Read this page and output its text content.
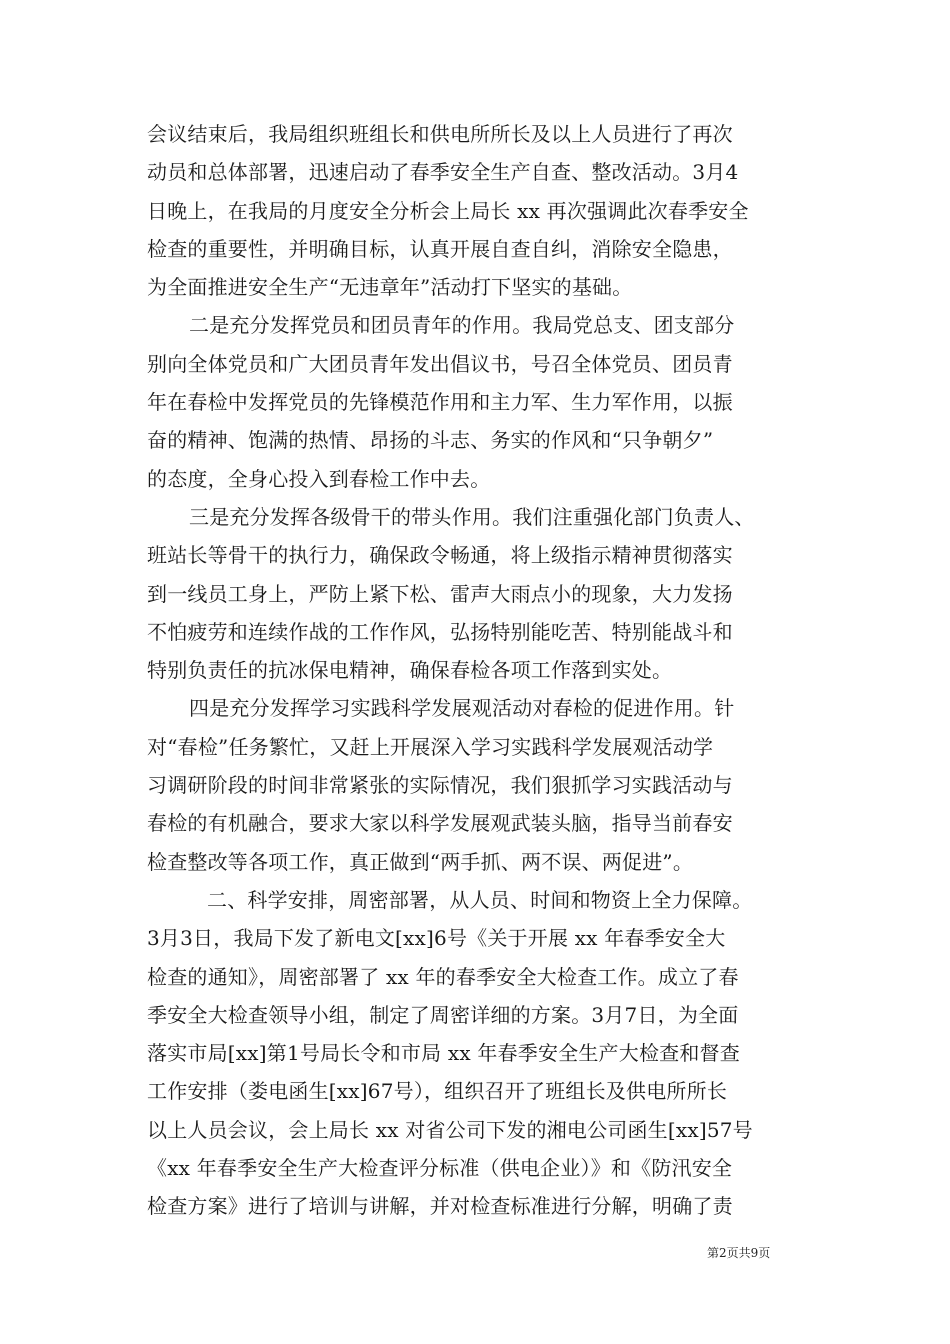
会议结束后，我局组织班组长和供电所所长及以上人员进行了再次
动员和总体部署，迅速启动了春季安全生产自查、整改活动。3月4
日晚上，在我局的月度安全分析会上局长 xx 再次强调此次春季安全
检查的重要性，并明确目标，认真开展自查自纠，消除安全隐患，
为全面推进安全生产“无违章年”活动打下坚实的基础。
二是充分发挥党员和团员青年的作用。我局党总支、团支部分
别向全体党员和广大团员青年发出倡议书，号召全体党员、团员青
年在春检中发挥党员的先锋模范作用和主力军、生力军作用，以振
奋的精神、饱满的热情、昂扬的斗志、务实的作风和“只争朝夕”
的态度，全身心投入到春检工作中去。
三是充分发挥各级骨干的带头作用。我们注重强化部门负责人、
班站长等骨干的执行力，确保政令畅通，将上级指示精神贯彻落实
到一线员工身上，严防上紧下松、雷声大雨点小的现象，大力发扬
不怕疲劳和连续作战的工作作风，弘扬特别能吃苦、特别能战斗和
特别负责任的抗冰保电精神，确保春检各项工作落到实处。
四是充分发挥学习实践科学发展观活动对春检的促进作用。针
对“春检”任务繁忙，又赶上开展深入学习实践科学发展观活动学
习调研阶段的时间非常紧张的实际情况，我们狠抓学习实践活动与
春检的有机融合，要求大家以科学发展观武装头脑，指导当前春安
检查整改等各项工作，真正做到“两手抓、两不误、两促进”。
二、科学安排，周密部署，从人员、时间和物资上全力保障。
3月3日，我局下发了新电文[xx]6号《关于开展 xx 年春季安全大
检查的通知》，周密部署了 xx 年的春季安全大检查工作。成立了春
季安全大检查领导小组，制定了周密详细的方案。3月7日，为全面
落实市局[xx]第1号局长令和市局 xx 年春季安全生产大检查和督查
工作安排（娄电函生[xx]67号），组织召开了班组长及供电所所长
以上人员会议，会上局长 xx 对省公司下发的湘电公司函生[xx]57号
《xx 年春季安全生产大检查评分标准（供电企业）》和《防汛安全
检查方案》进行了培训与讲解，并对检查标准进行分解，明确了责
第2页共9页
